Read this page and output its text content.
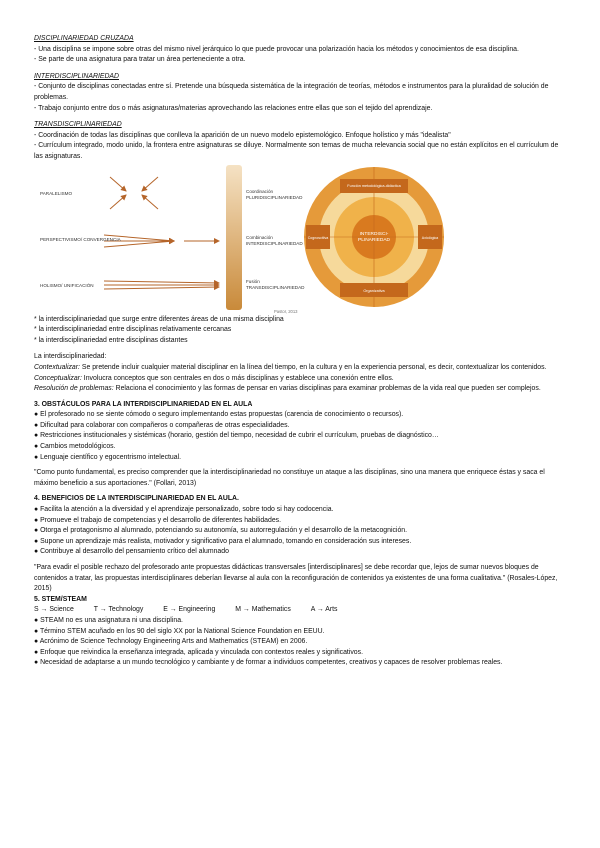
DISCIPLINARIEDAD CRUZADA

- Una disciplina se impone sobre otras del mismo nivel jerárquico lo que puede provocar una polarización hacia los métodos y conocimientos de esa disciplina.

- Se parte de una asignatura para tratar un área perteneciente a otra.

INTERDISCIPLINARIEDAD

- Conjunto de disciplinas conectadas entre sí. Pretende una búsqueda sistemática de la integración de teorías, métodos e instrumentos para la pluralidad de solución de problemas.

- Trabajo conjunto entre dos o más asignaturas/materias aprovechando las relaciones entre ellas que son el tejido del aprendizaje.

TRANSDISCIPLINARIEDAD

- Coordinación de todas las disciplinas que conlleva la aparición de un nuevo modelo epistemológico. Enfoque holístico y más "idealista"

- Currículum integrado, modo unido, la frontera entre asignaturas se diluye. Normalmente son temas de mucha relevancia social que no están explícitos en el currículum de las asignaturas.

PARALELISMO
PERSPECTIVISMO/ CONVERGENCIA
HOLISMO/ UNIFICACIÓN
Coordinación
PLURIDISCIPLINARIEDAD
Combinación
INTERDISCIPLINARIEDAD
Fusión
TRANSDISCIPLINARIEDAD
Pastor, 2013
INTERDISCI-
PLINARIEDAD
Función metodológica-didáctica
Cognoscitiva	Axiológica
Organizativa

* la interdisciplinariedad que surge entre diferentes áreas de una misma disciplina

* la interdisciplinariedad entre disciplinas relativamente cercanas

* la interdisciplinariedad entre disciplinas distantes

La interdisciplinariedad:

Contextualizar: Se pretende incluir cualquier material disciplinar en la línea del tiempo, en la cultura y en la experiencia personal, es decir, contextualizar los contenidos.

Conceptualizar: Involucra conceptos que son centrales en dos o más disciplinas y establece una conexión entre ellos.

Resolución de problemas: Relaciona el conocimiento y las formas de pensar en varias disciplinas para examinar problemas de la vida real que pueden ser complejos.

3. OBSTÁCULOS PARA LA INTERDISCIPLINARIEDAD EN EL AULA

● El profesorado no se siente cómodo o seguro implementando estas propuestas (carencia de conocimiento o recursos).

● Dificultad para colaborar con compañeros o compañeras de otras especialidades.

● Restricciones institucionales y sistémicas (horario, gestión del tiempo, necesidad de cubrir el currículum, pruebas de diagnóstico…

● Cambios metodológicos.

● Lenguaje científico y egocentrismo intelectual.

"Como punto fundamental, es preciso comprender que la interdisciplinariedad no constituye un ataque a las disciplinas, sino una manera que enriquece éstas y saca el máximo beneficio a sus aportaciones." (Follari, 2013)

4. BENEFICIOS DE LA INTERDISCIPLINARIEDAD EN EL AULA.

● Facilita la atención a la diversidad y el aprendizaje personalizado, sobre todo si hay codocencia.

● Promueve el trabajo de competencias y el desarrollo de diferentes habilidades.

● Otorga el protagonismo al alumnado, potenciando su autonomía, su autorregulación y el desarrollo de la metacognición.

● Supone un aprendizaje más realista, motivador y significativo para el alumnado, tomando en consideración sus intereses.

● Contribuye al desarrollo del pensamiento crítico del alumnado

"Para evadir el posible rechazo del profesorado ante propuestas didácticas transversales [interdisciplinares] se debe recordar que, lejos de sumar nuevos bloques de contenidos a tratar, las propuestas interdisciplinares deberían llevarse al aula con la reconfiguración de contenidos ya existentes de una forma cualitativa." (Rosales-López, 2015)

5. STEM/STEAM

S → Science	T → Technology	E → Engineering	M → Mathematics	A → Arts

● STEAM no es una asignatura ni una disciplina.

● Término STEM acuñado en los 90 del siglo XX por la National Science Foundation en EEUU.

● Acrónimo de Science Technology Engineering Arts and Mathematics (STEAM) en 2006.

● Enfoque que reivindica la enseñanza integrada, aplicada y vinculada con contextos reales y significativos.

● Necesidad de adaptarse a un mundo tecnológico y cambiante y de formar a individuos competentes, creativos y capaces de resolver problemas reales.
